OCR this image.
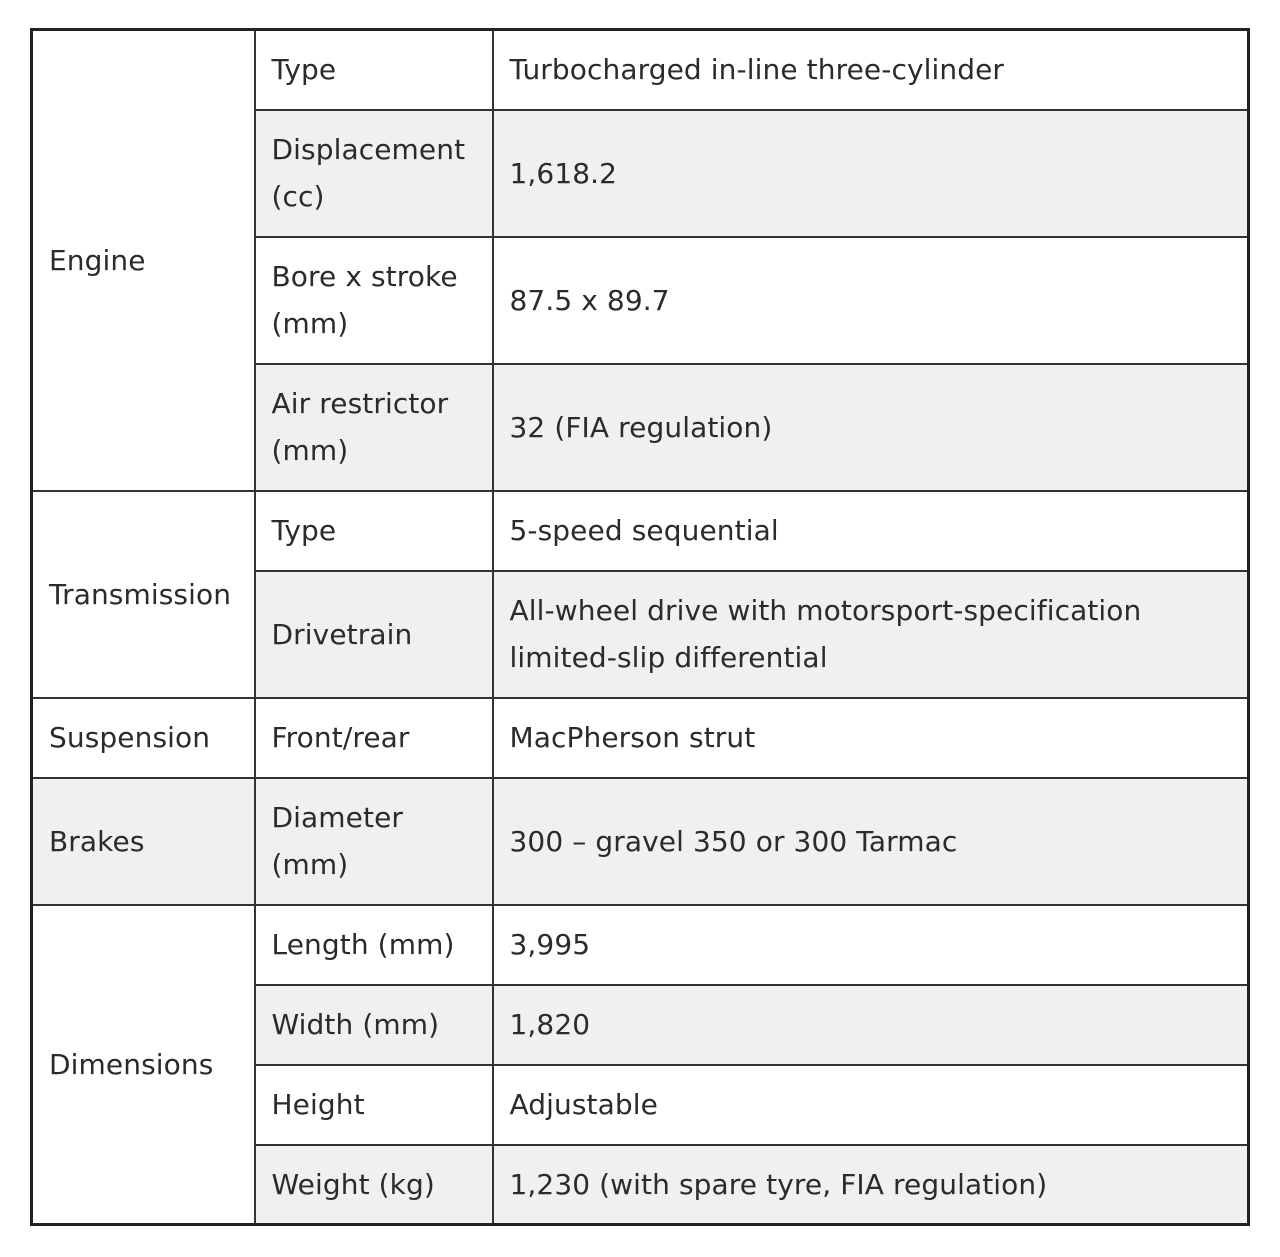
Engine	Type	Turbocharged in-line three-cylinder
	Displacement (cc)	1,618.2
	Bore x stroke (mm)	87.5 x 89.7
	Air restrictor (mm)	32 (FIA regulation)
Transmission	Type	5-speed sequential
	Drivetrain	All-wheel drive with motorsport-specification limited-slip differential
Suspension	Front/rear	MacPherson strut
Brakes	Diameter (mm)	300 – gravel 350 or 300 Tarmac
Dimensions	Length (mm)	3,995
	Width (mm)	1,820
	Height	Adjustable
	Weight (kg)	1,230 (with spare tyre, FIA regulation)
